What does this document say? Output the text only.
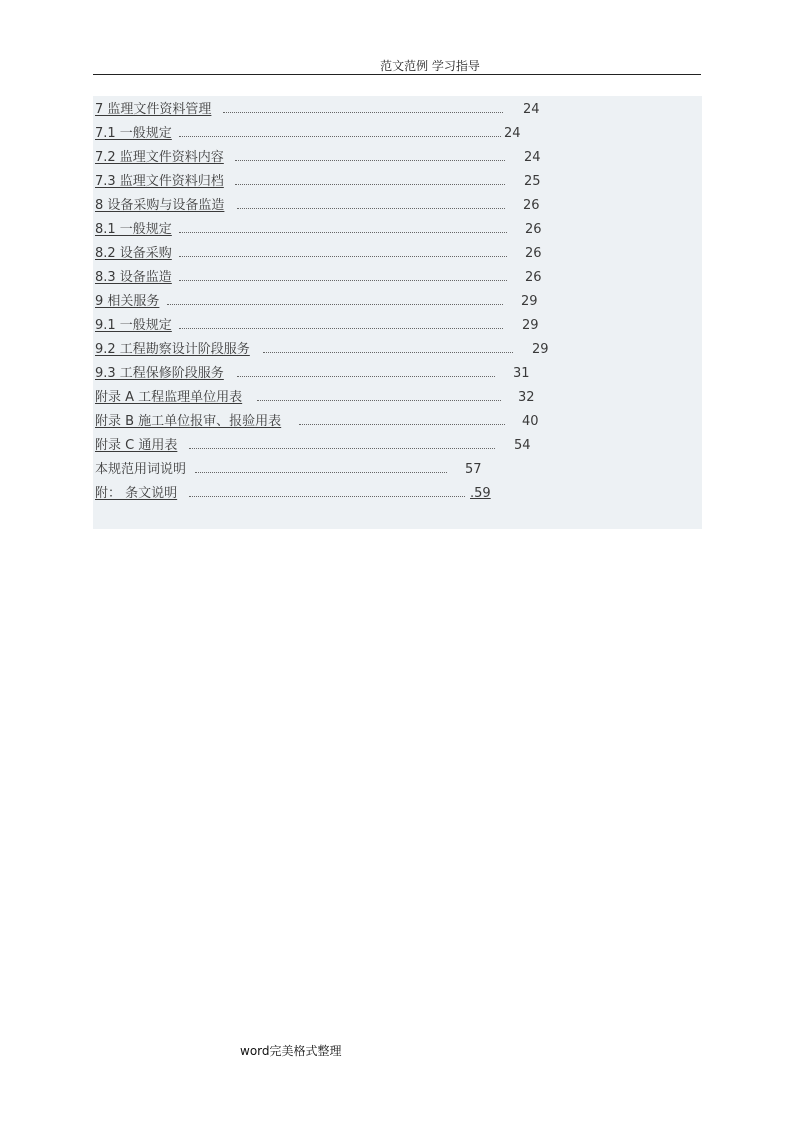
范文范例 学习指导
7 监理文件资料管理	24
7.1 一般规定	24
7.2 监理文件资料内容	24
7.3 监理文件资料归档	25
8 设备采购与设备监造	26
8.1 一般规定	26
8.2 设备采购	26
8.3 设备监造	26
9 相关服务	29
9.1 一般规定	29
9.2 工程勘察设计阶段服务	29
9.3 工程保修阶段服务	31
附录 A 工程监理单位用表	32
附录 B 施工单位报审、报验用表	40
附录 C 通用表	54
本规范用词说明	57
附： 条文说明	.59
word完美格式整理
